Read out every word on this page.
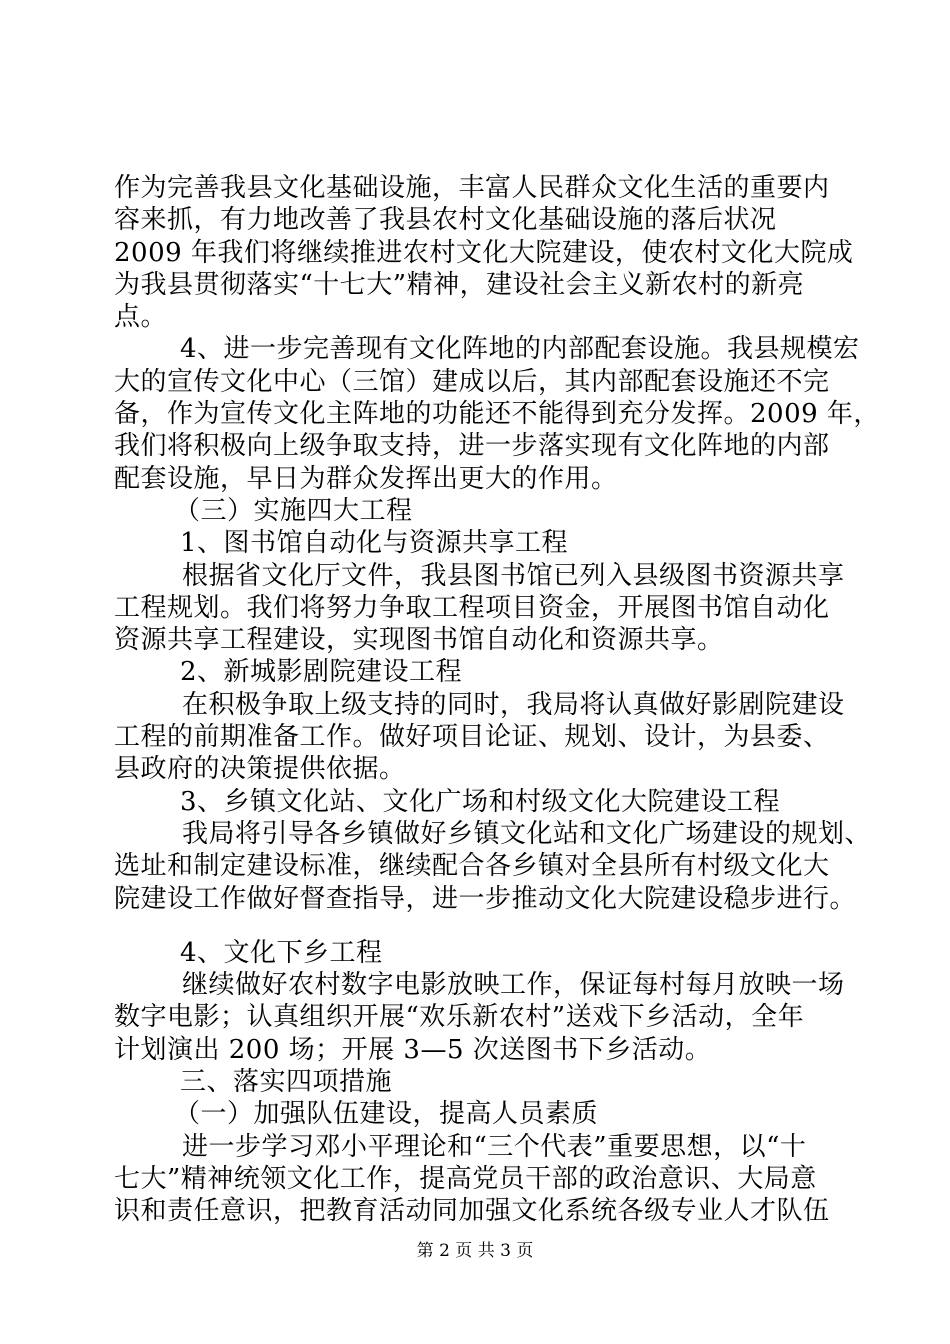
作为完善我县文化基础设施，丰富人民群众文化生活的重要内
容来抓，有力地改善了我县农村文化基础设施的落后状况
2009 年我们将继续推进农村文化大院建设，使农村文化大院成
为我县贯彻落实“十七大”精神，建设社会主义新农村的新亮
点。
4、进一步完善现有文化阵地的内部配套设施。我县规模宏
大的宣传文化中心（三馆）建成以后，其内部配套设施还不完
备，作为宣传文化主阵地的功能还不能得到充分发挥。2009 年，
我们将积极向上级争取支持，进一步落实现有文化阵地的内部
配套设施，早日为群众发挥出更大的作用。
（三）实施四大工程
1、图书馆自动化与资源共享工程
根据省文化厅文件，我县图书馆已列入县级图书资源共享
工程规划。我们将努力争取工程项目资金，开展图书馆自动化
资源共享工程建设，实现图书馆自动化和资源共享。
2、新城影剧院建设工程
在积极争取上级支持的同时，我局将认真做好影剧院建设
工程的前期准备工作。做好项目论证、规划、设计，为县委、
县政府的决策提供依据。
3、乡镇文化站、文化广场和村级文化大院建设工程
我局将引导各乡镇做好乡镇文化站和文化广场建设的规划、
选址和制定建设标准，继续配合各乡镇对全县所有村级文化大
院建设工作做好督查指导，进一步推动文化大院建设稳步进行。
4、文化下乡工程
继续做好农村数字电影放映工作，保证每村每月放映一场
数字电影；认真组织开展“欢乐新农村”送戏下乡活动，全年
计划演出 200 场；开展 3—5 次送图书下乡活动。
三、落实四项措施
（一）加强队伍建设，提高人员素质
进一步学习邓小平理论和“三个代表”重要思想，以“十
七大”精神统领文化工作，提高党员干部的政治意识、大局意
识和责任意识，把教育活动同加强文化系统各级专业人才队伍
第 2 页 共 3 页
